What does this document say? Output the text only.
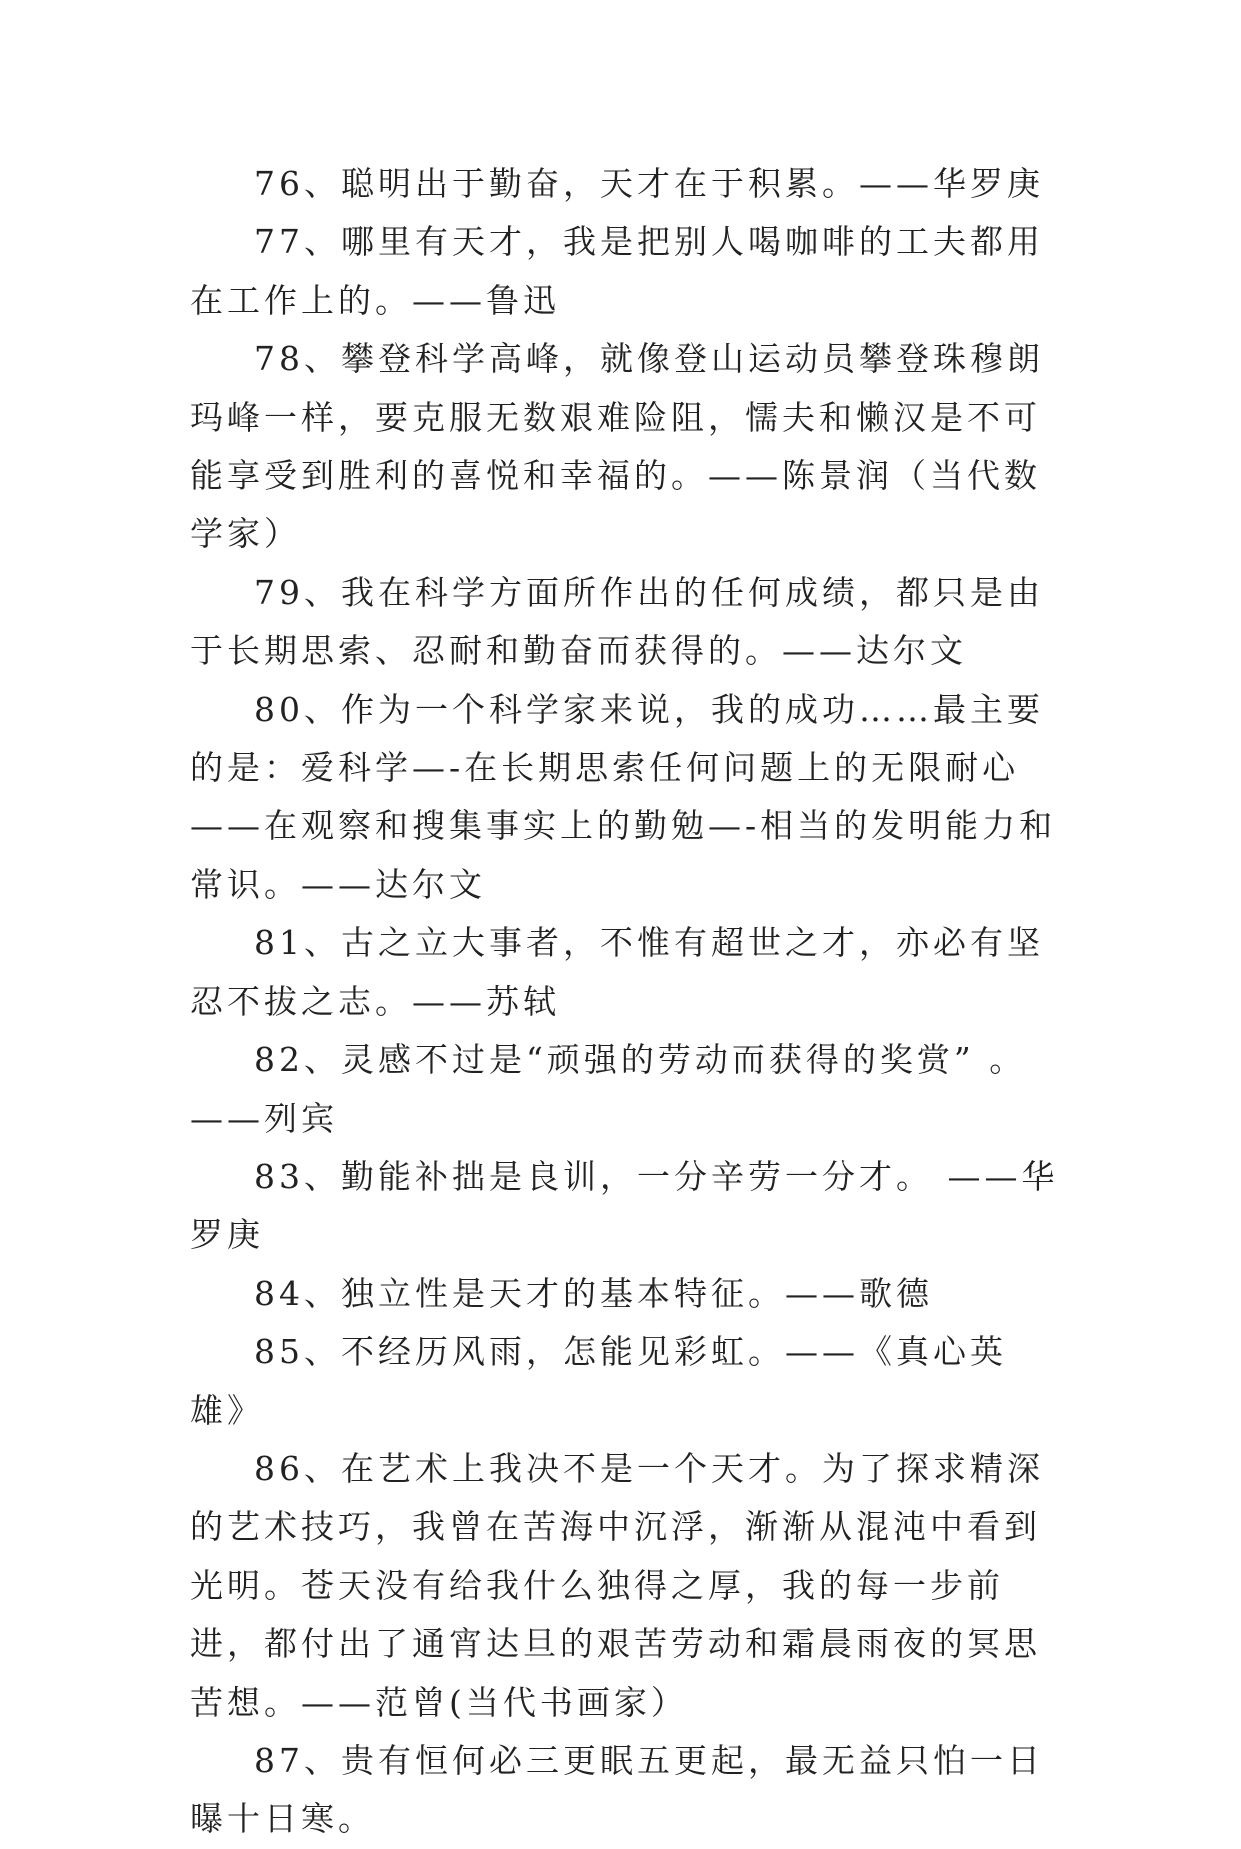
76、聪明出于勤奋，天才在于积累。——华罗庚

77、哪里有天才，我是把别人喝咖啡的工夫都用在工作上的。——鲁迅

78、攀登科学高峰，就像登山运动员攀登珠穆朗玛峰一样，要克服无数艰难险阻，懦夫和懒汉是不可能享受到胜利的喜悦和幸福的。——陈景润（当代数学家）

79、我在科学方面所作出的任何成绩，都只是由于长期思索、忍耐和勤奋而获得的。——达尔文

80、作为一个科学家来说，我的成功……最主要的是：爱科学—-在长期思索任何问题上的无限耐心——在观察和搜集事实上的勤勉—-相当的发明能力和常识。——达尔文

81、古之立大事者，不惟有超世之才，亦必有坚忍不拔之志。——苏轼

82、灵感不过是“顽强的劳动而获得的奖赏” 。——列宾

83、勤能补拙是良训，一分辛劳一分才。 ——华罗庚

84、独立性是天才的基本特征。——歌德

85、不经历风雨，怎能见彩虹。——《真心英雄》

86、在艺术上我决不是一个天才。为了探求精深的艺术技巧，我曾在苦海中沉浮，渐渐从混沌中看到光明。苍天没有给我什么独得之厚，我的每一步前进，都付出了通宵达旦的艰苦劳动和霜晨雨夜的冥思苦想。——范曾(当代书画家）

87、贵有恒何必三更眠五更起，最无益只怕一日曝十日寒。
